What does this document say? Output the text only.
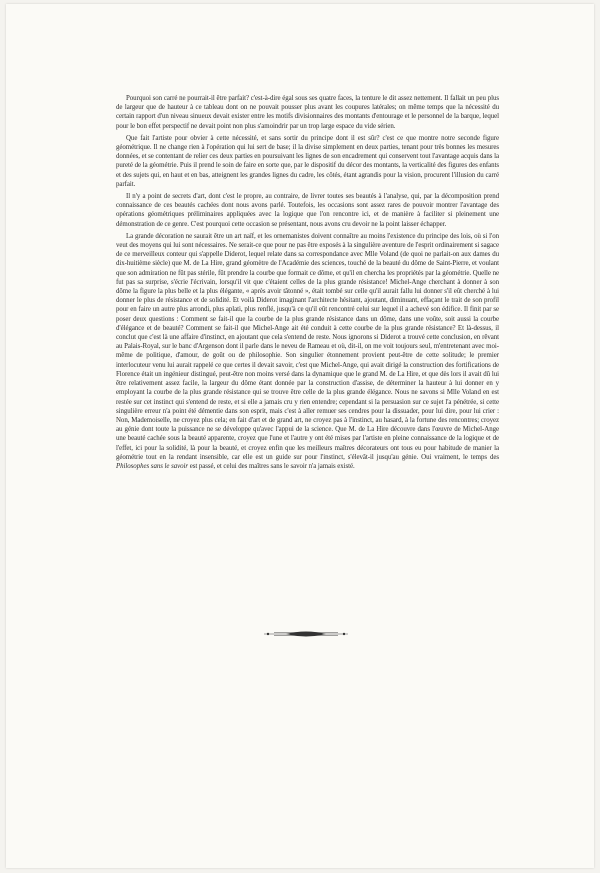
Pourquoi son carré ne pourrait-il être parfait? c'est-à-dire égal sous ses quatre faces, la tenture le dit assez nettement. Il fallait un peu plus de largeur que de hauteur à ce tableau dont on ne pouvait pousser plus avant les coupures latérales; on même temps que la nécessité du certain rapport d'un niveau sinueux devait exister entre les motifs divisionnaires des montants d'entourage et le personnel de la barque, lequel pour le bon effet perspectif ne devait point non plus s'amoindrir par un trop large espace du vide sérien.

Que fait l'artiste pour obvier à cette nécessité, et sans sortir du principe dont il est sûr? c'est ce que montre notre seconde figure géométrique. Il ne change rien à l'opération qui lui sert de base; il la divise simplement en deux parties, tenant pour très bonnes les mesures données, et se contentant de relier ces deux parties en poursuivant les lignes de son encadrement qui conservent tout l'avantage acquis dans la pureté de la géométrie. Puis il prend le soin de faire en sorte que, par le dispositif du décor des montants, la verticalité des figures des enfants et des sujets qui, en haut et en bas, atteignent les grandes lignes du cadre, les côtés, étant agrandis pour la vision, procurent l'illusion du carré parfait.

Il n'y a point de secrets d'art, dont c'est le propre, au contraire, de livrer toutes ses beautés à l'analyse, qui, par la décomposition prend connaissance de ces beautés cachées dont nous avons parlé. Toutefois, les occasions sont assez rares de pouvoir montrer l'avantage des opérations géométriques préliminaires appliquées avec la logique que l'on rencontre ici, et de manière à faciliter si pleinement une démonstration de ce genre. C'est pourquoi cette occasion se présentant, nous avons cru devoir ne la point laisser échapper.

La grande décoration ne saurait être un art naïf, et les ornemanistes doivent connaître au moins l'existence du principe des lois, où si l'on veut des moyens qui lui sont nécessaires. Ne serait-ce que pour ne pas être exposés à la singulière aventure de l'esprit ordinairement si sagace de ce merveilleux conteur qui s'appelle Diderot, lequel relate dans sa correspondance avec Mlle Voland (de quoi ne parlait-on aux dames du dix-huitième siècle) que M. de La Hire, grand géomètre de l'Académie des sciences, touché de la beauté du dôme de Saint-Pierre, et voulant que son admiration ne fût pas stérile, fût prendre la courbe que formait ce dôme, et qu'il en chercha les propriétés par la géométrie. Quelle ne fut pas sa surprise, s'écrie l'écrivain, lorsqu'il vit que c'étaient celles de la plus grande résistance! Michel-Ange cherchant à donner à son dôme la figure la plus belle et la plus élégante, « après avoir tâtonné », était tombé sur celle qu'il aurait fallu lui donner s'il eût cherché à lui donner le plus de résistance et de solidité. Et voilà Diderot imaginant l'architecte hésitant, ajoutant, diminuant, effaçant le trait de son profil pour en faire un autre plus arrondi, plus aplati, plus renflé, jusqu'à ce qu'il eût rencontré celui sur lequel il a achevé son édifice. Il finit par se poser deux questions : Comment se fait-il que la courbe de la plus grande résistance dans un dôme, dans une voûte, soit aussi la courbe d'élégance et de beauté? Comment se fait-il que Michel-Ange ait été conduit à cette courbe de la plus grande résistance? Et là-dessus, il conclut que c'est là une affaire d'instinct, en ajoutant que cela s'entend de reste. Nous ignorons si Diderot a trouvé cette conclusion, en rêvant au Palais-Royal, sur le banc d'Argenson dont il parle dans le neveu de Rameau et où, dit-il, on me voit toujours seul, m'entretenant avec moi-même de politique, d'amour, de goût ou de philosophie. Son singulier étonnement provient peut-être de cette solitude; le premier interlocuteur venu lui aurait rappelé ce que certes il devait savoir, c'est que Michel-Ange, qui avait dirigé la construction des fortifications de Florence était un ingénieur distingué, peut-être non moins versé dans la dynamique que le grand M. de La Hire, et que dès lors il avait dû lui être relativement assez facile, la largeur du dôme étant donnée par la construction d'assise, de déterminer la hauteur à lui donner en y employant la courbe de la plus grande résistance qui se trouve être celle de la plus grande élégance. Nous ne savons si Mlle Voland en est restée sur cet instinct qui s'entend de reste, et si elle a jamais cru y rien entendre; cependant si la persuasion sur ce sujet l'a pénétrée, si cette singulière erreur n'a point été démentie dans son esprit, mais c'est à aller remuer ses cendres pour la dissuader, pour lui dire, pour lui crier : Non, Mademoiselle, ne croyez plus cela; en fait d'art et de grand art, ne croyez pas à l'instinct, au hasard, à la fortune des rencontres; croyez au génie dont toute la puissance ne se développe qu'avec l'appui de la science. Que M. de La Hire découvre dans l'œuvre de Michel-Ange une beauté cachée sous la beauté apparente, croyez que l'une et l'autre y ont été mises par l'artiste en pleine connaissance de la logique et de l'effet, ici pour la solidité, là pour la beauté, et croyez enfin que les meilleurs maîtres décorateurs ont tous eu pour habitude de manier la géométrie tout en la rendant insensible, car elle est un guide sur pour l'instinct, s'élevât-il jusqu'au génie. Oui vraiment, le temps des Philosophes sans le savoir est passé, et celui des maîtres sans le savoir n'a jamais existé.
